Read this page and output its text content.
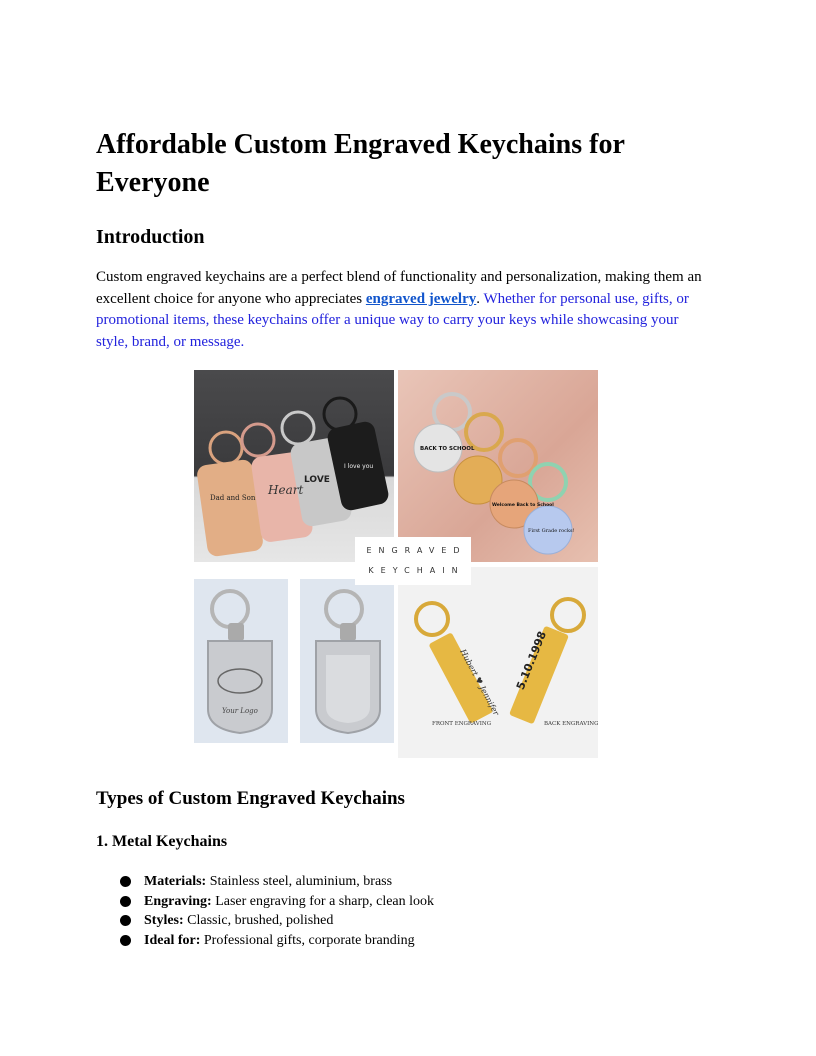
Affordable Custom Engraved Keychains for Everyone
Introduction

Custom engraved keychains are a perfect blend of functionality and personalization, making them an excellent choice for anyone who appreciates engraved jewelry. Whether for personal use, gifts, or promotional items, these keychains offer a unique way to carry your keys while showcasing your style, brand, or message.

Dad and Son
Heart
LOVE
I love you
BACK TO SCHOOL
Welcome Back to School
First Grade rocks!
Your Logo	Hubert ♥ Jennifer 5.10.1998
FRONT ENGRAVING	BACK ENGRAVING
ENGRAVED
KEYCHAIN
Types of Custom Engraved Keychains
1. Metal Keychains
Materials: Stainless steel, aluminium, brass
Engraving: Laser engraving for a sharp, clean look
Styles: Classic, brushed, polished
Ideal for: Professional gifts, corporate branding
